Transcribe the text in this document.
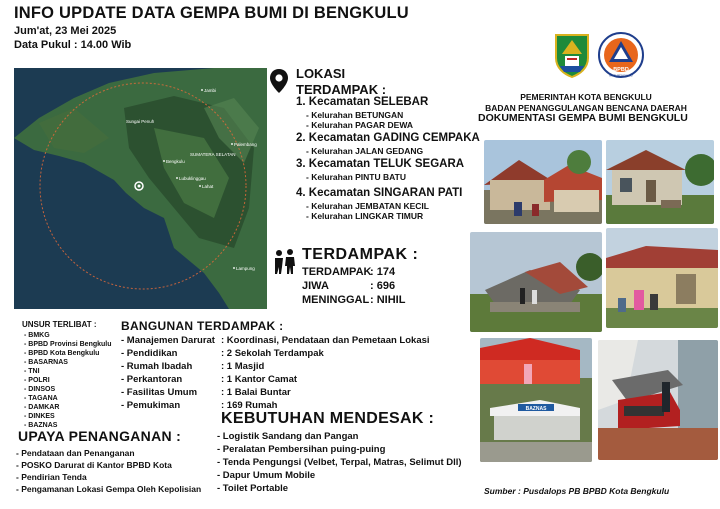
INFO UPDATE DATA GEMPA BUMI DI BENGKULU
Jum'at, 23 Mei 2025
Data Pukul : 14.00 Wib
Jambi
Palembang
Bengkulu
SUMATERA SELATAN
Lampung
Sungai Penuh
Lubuklinggau
Lahat
LOKASI
TERDAMPAK :
1. Kecamatan SELEBAR
- Kelurahan BETUNGAN
- Kelurahan PAGAR DEWA
2. Kecamatan GADING CEMPAKA
- Kelurahan JALAN GEDANG
3. Kecamatan TELUK SEGARA
- Kelurahan PINTU BATU
4. Kecamatan SINGARAN PATI
- Kelurahan JEMBATAN KECIL
- Kelurahan LINGKAR TIMUR
TERDAMPAK :
TERDAMPAK: 174
JIWA	: 696
MENINGGAL: NIHIL
BPBD
KOTA BENGKULU
PEMERINTAH KOTA BENGKULU
BADAN PENANGGULANGAN BENCANA DAERAH
DOKUMENTASI GEMPA BUMI BENGKULU
BAZNAS
UNSUR TERLIBAT :
- BMKG
- BPBD Provinsi Bengkulu
- BPBD Kota Bengkulu
- BASARNAS
- TNI
- POLRI
- DINSOS
- TAGANA
- DAMKAR
- DINKES
- BAZNAS
BANGUNAN TERDAMPAK :
- Manajemen Darurat : Koordinasi, Pendataan dan Pemetaan Lokasi
- Pendidikan	: 2 Sekolah Terdampak
- Rumah Ibadah	: 1 Masjid
- Perkantoran	: 1 Kantor Camat
- Fasilitas Umum	: 1 Balai Buntar
- Pemukiman	: 169 Rumah
UPAYA PENANGANAN :
- Pendataan dan Penanganan
- POSKO Darurat di Kantor BPBD Kota
- Pendirian Tenda
- Pengamanan Lokasi Gempa Oleh Kepolisian
KEBUTUHAN MENDESAK :
- Logistik Sandang dan Pangan
- Peralatan Pembersihan puing-puing
- Tenda Pengungsi (Velbet, Terpal, Matras, Selimut Dll)
- Dapur Umum Mobile
- Toilet Portable	Sumber : Pusdalops PB BPBD Kota Bengkulu
